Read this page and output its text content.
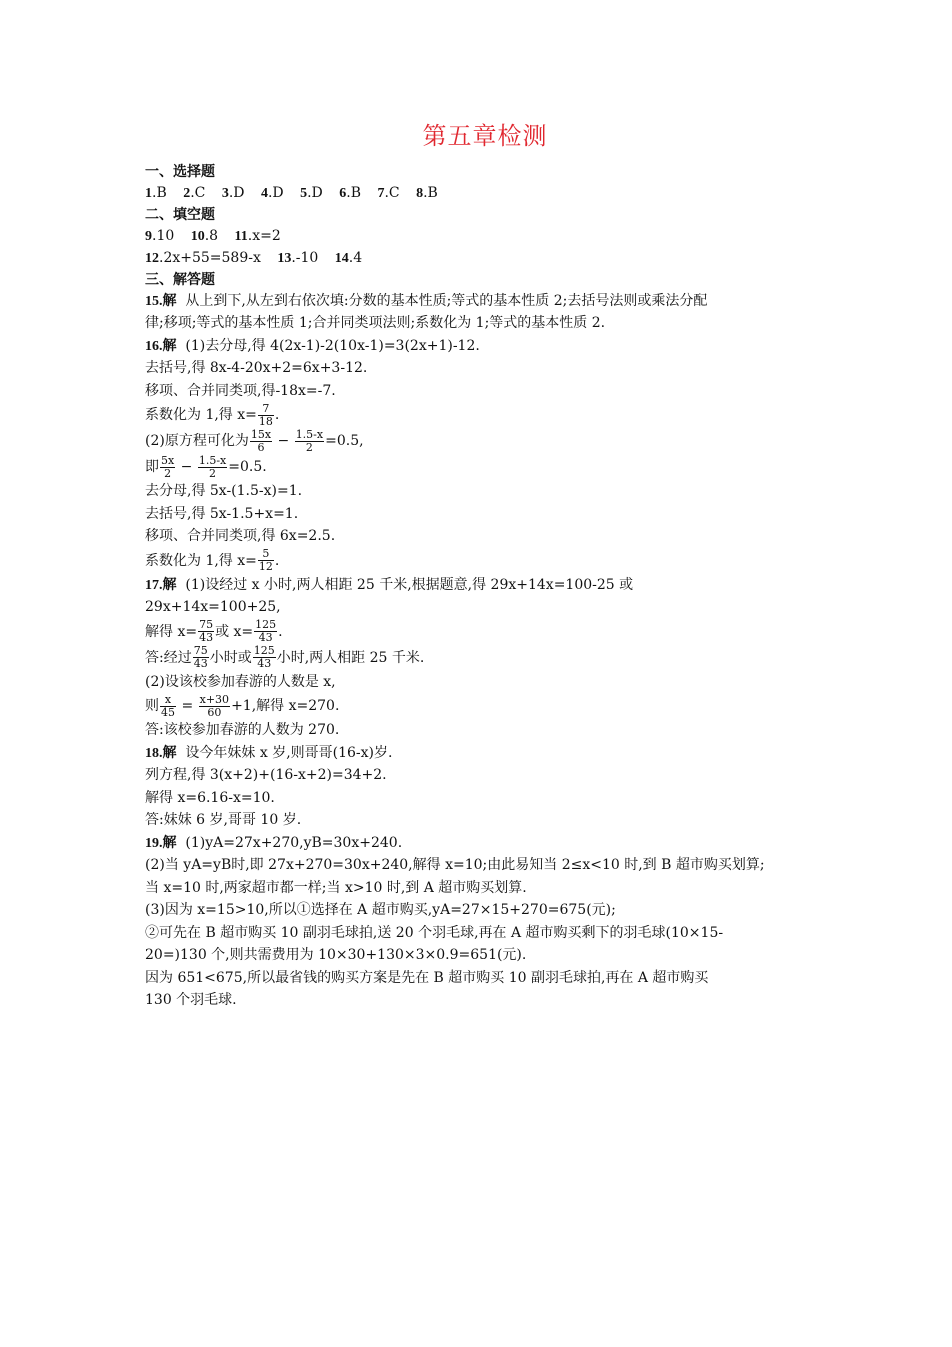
第五章检测
一、选择题
1.B 2.C 3.D 4.D 5.D 6.B 7.C 8.B
二、填空题
9.10 10.8 11.x=2
12.2x+55=589-x 13.-10 14.4
三、解答题
15.解 从上到下,从左到右依次填:分数的基本性质;等式的基本性质 2;去括号法则或乘法分配
律;移项;等式的基本性质 1;合并同类项法则;系数化为 1;等式的基本性质 2.
16.解 (1)去分母,得 4(2x-1)-2(10x-1)=3(2x+1)-12.
去括号,得 8x-4-20x+2=6x+3-12.
移项、合并同类项,得-18x=-7.
系数化为 1,得 $x= \frac{7}{18}$ .
(2)原方程可化为 $\frac{15x}{6} - \frac{1.5-x}{2} =0.5$,
即 $\frac{5x}{2} - \frac{1.5-x}{2} =0.5$.
去分母,得 5x-(1.5-x)=1.
去括号,得 5x-1.5+x=1.
移项、合并同类项,得 6x=2.5.
系数化为 1,得 $x= \frac{5}{12}$ .
17.解 (1)设经过 x 小时,两人相距 25 千米,根据题意,得 29x+14x=100-25 或
29x+14x=100+25,
解得 $x= \frac{75}{43}$ 或 $x= \frac{125}{43}$ .
答:经过 $\frac{75}{43}$ 小时或 $\frac{125}{43}$ 小时,两人相距 25 千米.
(2)设该校参加春游的人数是 x,
则 $\frac{x}{45} = \frac{x+30}{60} +1$,解得 x=270.
答:该校参加春游的人数为 270.
18.解 设今年妹妹 x 岁,则哥哥(16-x)岁.
列方程,得 3(x+2)+(16-x+2)=34+2.
解得 x=6.16-x=10.
答:妹妹 6 岁,哥哥 10 岁.
19.解 (1)yA=27x+270,yB=30x+240.
(2)当 yA=yB时,即 27x+270=30x+240,解得 x=10;由此易知当 2≤x<10 时,到 B 超市购买划算;
当 x=10 时,两家超市都一样;当 x>10 时,到 A 超市购买划算.
(3)因为 x=15>10,所以①选择在 A 超市购买,yA=27×15+270=675(元);
②可先在 B 超市购买 10 副羽毛球拍,送 20 个羽毛球,再在 A 超市购买剩下的羽毛球(10×15-
20=)130 个,则共需费用为 10×30+130×3×0.9=651(元).
因为 651<675,所以最省钱的购买方案是先在 B 超市购买 10 副羽毛球拍,再在 A 超市购买
130 个羽毛球.
